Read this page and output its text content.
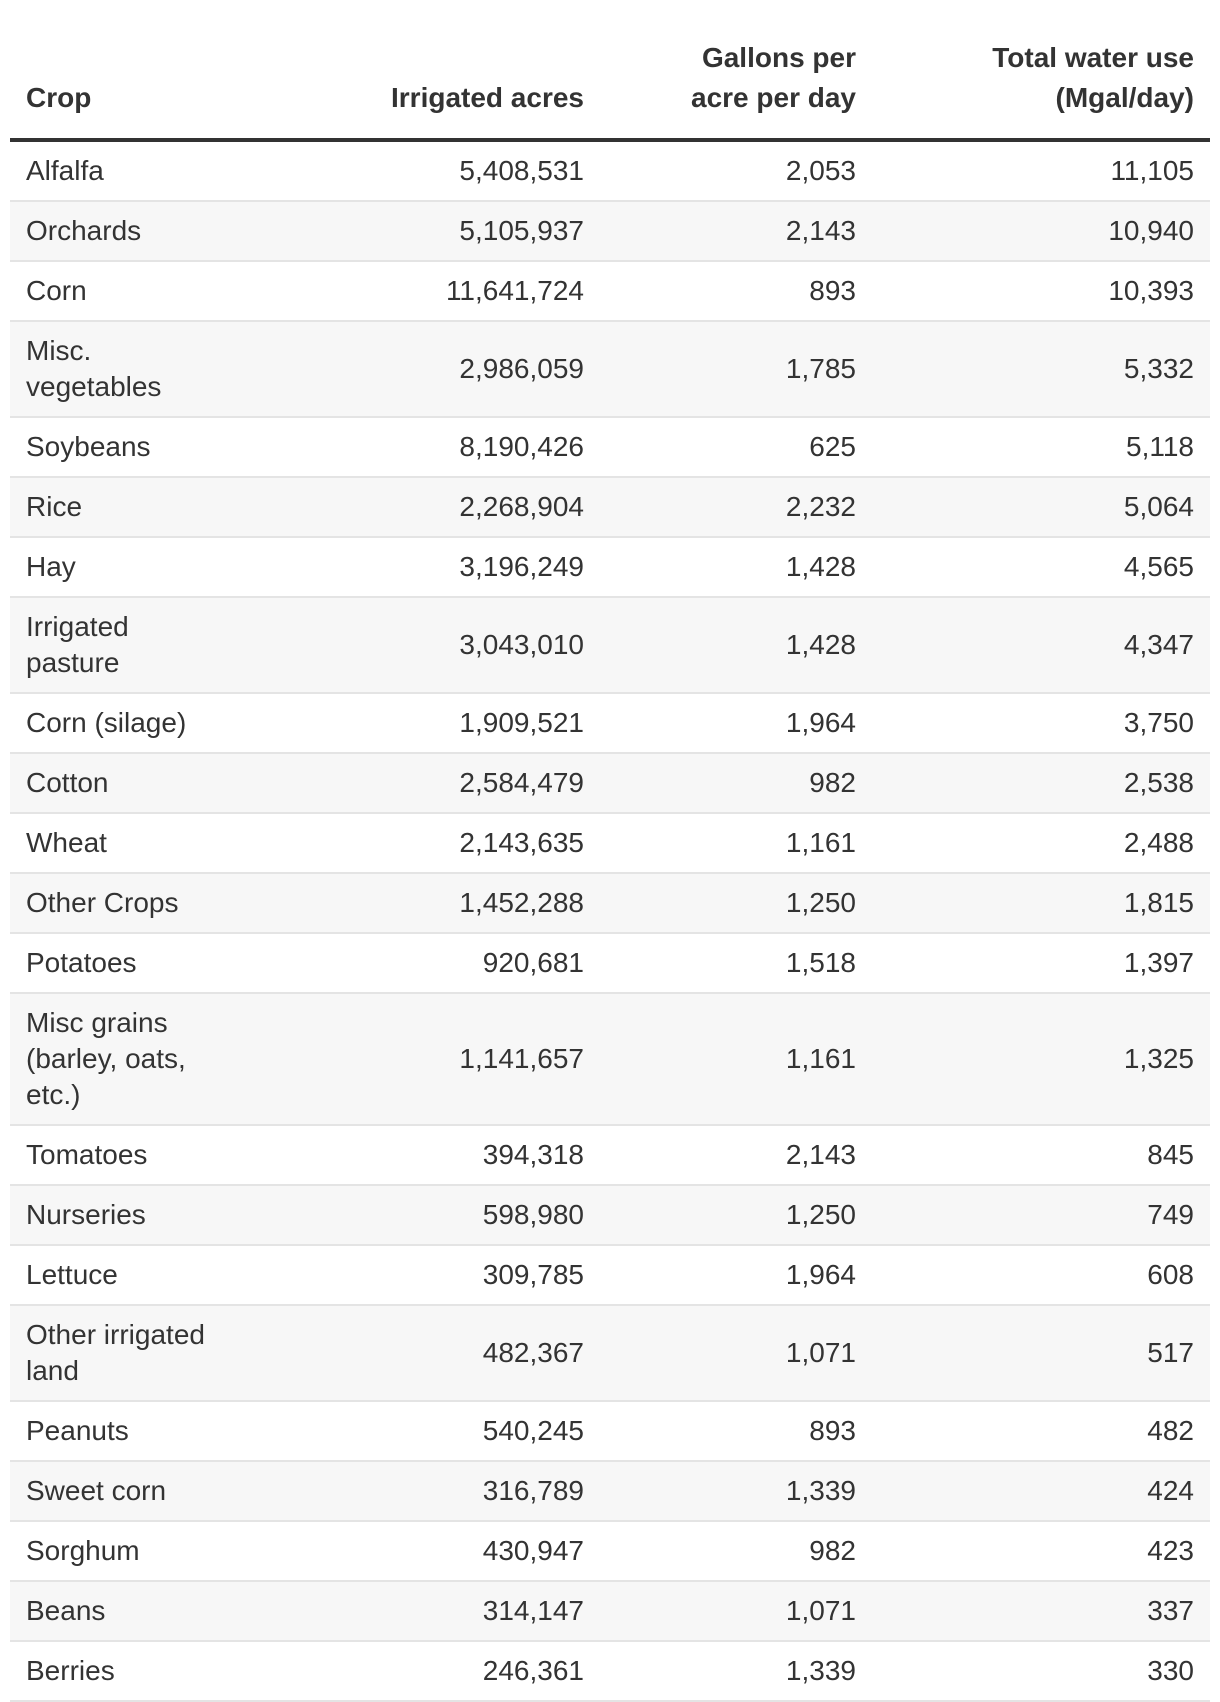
Crop	Irrigated acres	Gallons per acre per day	Total water use (Mgal/day)
Alfalfa	5,408,531	2,053	11,105
Orchards	5,105,937	2,143	10,940
Corn	11,641,724	893	10,393
Misc. vegetables	2,986,059	1,785	5,332
Soybeans	8,190,426	625	5,118
Rice	2,268,904	2,232	5,064
Hay	3,196,249	1,428	4,565
Irrigated pasture	3,043,010	1,428	4,347
Corn (silage)	1,909,521	1,964	3,750
Cotton	2,584,479	982	2,538
Wheat	2,143,635	1,161	2,488
Other Crops	1,452,288	1,250	1,815
Potatoes	920,681	1,518	1,397
Misc grains (barley, oats, etc.)	1,141,657	1,161	1,325
Tomatoes	394,318	2,143	845
Nurseries	598,980	1,250	749
Lettuce	309,785	1,964	608
Other irrigated land	482,367	1,071	517
Peanuts	540,245	893	482
Sweet corn	316,789	1,339	424
Sorghum	430,947	982	423
Beans	314,147	1,071	337
Berries	246,361	1,339	330
